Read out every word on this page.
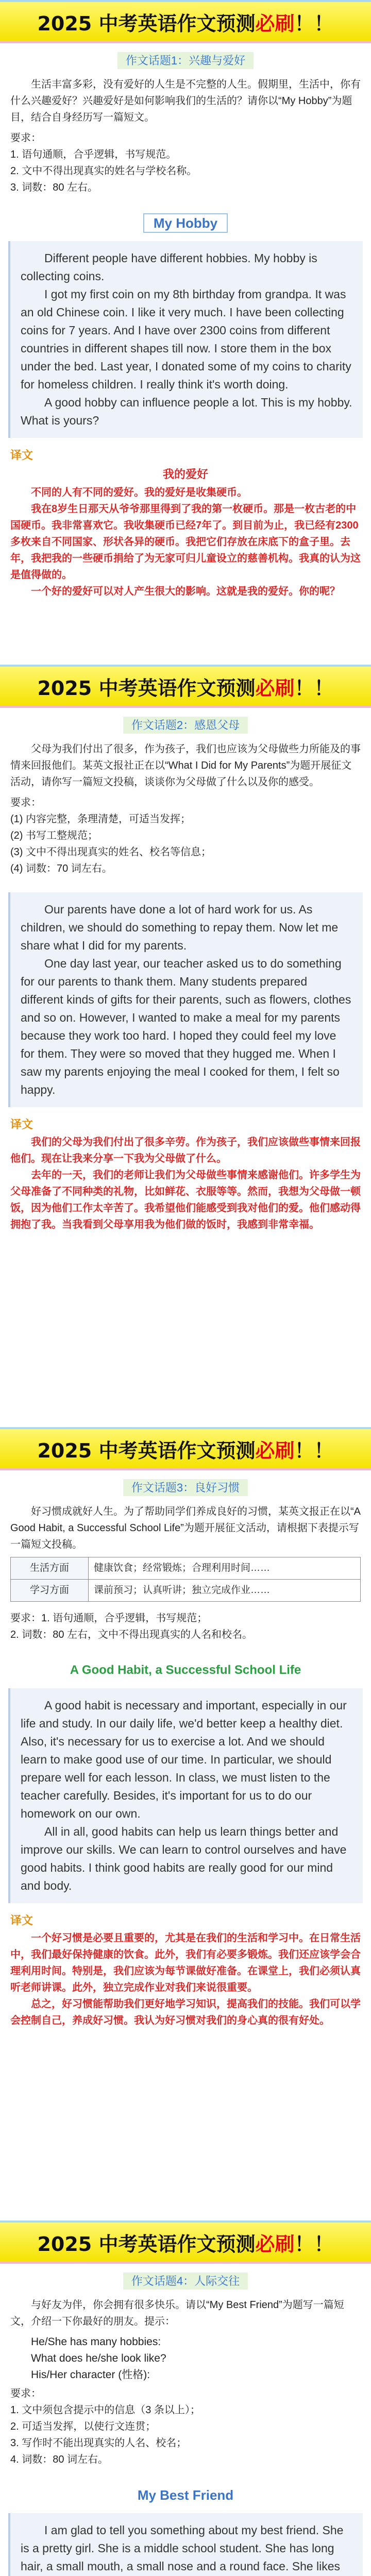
2025 中考英语作文预测 必刷 ！！
作文话题1：兴趣与爱好

生活丰富多彩，没有爱好的人生是不完整的人生。假期里，生活中，你有什么兴趣爱好？兴趣爱好是如何影响我们的生活的？请你以“My Hobby”为题目，结合自身经历写一篇短文。

要求：

1. 语句通顺，合乎逻辑，书写规范。

2. 文中不得出现真实的姓名与学校名称。

3. 词数：80 左右。

My Hobby

Different people have different hobbies. My hobby is collecting coins.

I got my first coin on my 8th birthday from grandpa. It was an old Chinese coin. I like it very much. I have been collecting coins for 7 years. And I have over 2300 coins from different countries in different shapes till now. I store them in the box under the bed. Last year, I donated some of my coins to charity for homeless children. I really think it's worth doing.

A good hobby can influence people a lot. This is my hobby. What is yours?

译文
我的爱好

不同的人有不同的爱好。我的爱好是收集硬币。

我在8岁生日那天从爷爷那里得到了我的第一枚硬币。那是一枚古老的中国硬币。我非常喜欢它。我收集硬币已经7年了。到目前为止，我已经有2300多枚来自不同国家、形状各异的硬币。我把它们存放在床底下的盒子里。去年，我把我的一些硬币捐给了为无家可归儿童设立的慈善机构。我真的认为这是值得做的。

一个好的爱好可以对人产生很大的影响。这就是我的爱好。你的呢？

2025 中考英语作文预测 必刷 ！！
作文话题2：感恩父母

父母为我们付出了很多，作为孩子，我们也应该为父母做些力所能及的事情来回报他们。某英文报社正在以“What I Did for My Parents”为题开展征文活动，请你写一篇短文投稿，谈谈你为父母做了什么以及你的感受。

要求：

(1) 内容完整，条理清楚，可适当发挥；

(2) 书写工整规范；

(3) 文中不得出现真实的姓名、校名等信息；

(4) 词数：70 词左右。

Our parents have done a lot of hard work for us. As children, we should do something to repay them. Now let me share what I did for my parents.

One day last year, our teacher asked us to do something for our parents to thank them. Many students prepared different kinds of gifts for their parents, such as flowers, clothes and so on. However, I wanted to make a meal for my parents because they work too hard. I hoped they could feel my love for them. They were so moved that they hugged me. When I saw my parents enjoying the meal I cooked for them, I felt so happy.

译文

我们的父母为我们付出了很多辛劳。作为孩子，我们应该做些事情来回报他们。现在让我来分享一下我为父母做了什么。

去年的一天，我们的老师让我们为父母做些事情来感谢他们。许多学生为父母准备了不同种类的礼物，比如鲜花、衣服等等。然而，我想为父母做一顿饭，因为他们工作太辛苦了。我希望他们能感受到我对他们的爱。他们感动得拥抱了我。当我看到父母享用我为他们做的饭时，我感到非常幸福。

2025 中考英语作文预测 必刷 ！！
作文话题3：良好习惯

好习惯成就好人生。为了帮助同学们养成良好的习惯，某英文报正在以“A Good Habit, a Successful School Life”为题开展征文活动，请根据下表提示写一篇短文投稿。

生活方面	健康饮食；经常锻炼；合理利用时间……
学习方面	课前预习；认真听讲；独立完成作业……

要求：1. 语句通顺，合乎逻辑，书写规范；

2. 词数：80 左右，文中不得出现真实的人名和校名。

A Good Habit, a Successful School Life

A good habit is necessary and important, especially in our life and study. In our daily life, we'd better keep a healthy diet. Also, it's necessary for us to exercise a lot. And we should learn to make good use of our time. In particular, we should prepare well for each lesson. In class, we must listen to the teacher carefully. Besides, it's important for us to do our homework on our own.

All in all, good habits can help us learn things better and improve our skills. We can learn to control ourselves and have good habits. I think good habits are really good for our mind and body.

译文

一个好习惯是必要且重要的，尤其是在我们的生活和学习中。在日常生活中，我们最好保持健康的饮食。此外，我们有必要多锻炼。我们还应该学会合理利用时间。特别是，我们应该为每节课做好准备。在课堂上，我们必须认真听老师讲课。此外，独立完成作业对我们来说很重要。

总之，好习惯能帮助我们更好地学习知识，提高我们的技能。我们可以学会控制自己，养成好习惯。我认为好习惯对我们的身心真的很有好处。

2025 中考英语作文预测 必刷 ！！
作文话题4：人际交往

与好友为伴，你会拥有很多快乐。请以“My Best Friend”为题写一篇短文，介绍一下你最好的朋友。提示：

He/She has many hobbies:

What does he/she look like?

His/Her character (性格):

要求：

1. 文中须包含提示中的信息（3 条以上）；

2. 可适当发挥，以使行文连贯；

3. 写作时不能出现真实的人名、校名；

4. 词数：80 词左右。

My Best Friend

I am glad to tell you something about my best friend. She is a pretty girl. She is a middle school student. She has long hair, a small mouth, a small nose and a round face. She likes
